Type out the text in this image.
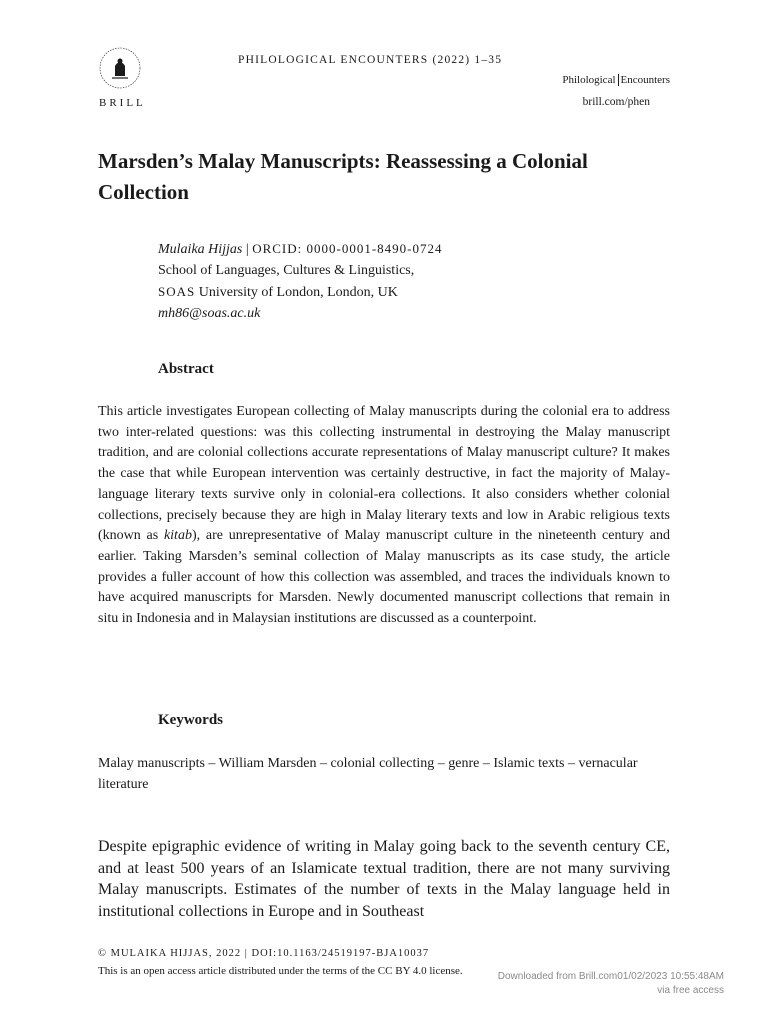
BRILL
PHILOLOGICAL ENCOUNTERS (2022) 1–35
Philological Encounters
brill.com/phen
Marsden’s Malay Manuscripts: Reassessing a Colonial Collection
Mulaika Hijjas | ORCID: 0000-0001-8490-0724
School of Languages, Cultures & Linguistics,
SOAS University of London, London, UK
mh86@soas.ac.uk
Abstract
This article investigates European collecting of Malay manuscripts during the colonial era to address two inter-related questions: was this collecting instrumental in destroying the Malay manuscript tradition, and are colonial collections accurate representations of Malay manuscript culture? It makes the case that while European intervention was certainly destructive, in fact the majority of Malay-language literary texts survive only in colonial-era collections. It also considers whether colonial collections, precisely because they are high in Malay literary texts and low in Arabic religious texts (known as kitab), are unrepresentative of Malay manuscript culture in the nineteenth century and earlier. Taking Marsden’s seminal collection of Malay manuscripts as its case study, the article provides a fuller account of how this collection was assembled, and traces the individuals known to have acquired manuscripts for Marsden. Newly documented manuscript collections that remain in situ in Indonesia and in Malaysian institutions are discussed as a counterpoint.
Keywords
Malay manuscripts – William Marsden – colonial collecting – genre – Islamic texts – vernacular literature
Despite epigraphic evidence of writing in Malay going back to the seventh century CE, and at least 500 years of an Islamicate textual tradition, there are not many surviving Malay manuscripts. Estimates of the number of texts in the Malay language held in institutional collections in Europe and in Southeast
© MULAIKA HIJJAS, 2022 | DOI:10.1163/24519197-BJA10037
This is an open access article distributed under the terms of the CC BY 4.0 license.	Downloaded from Brill.com01/02/2023 10:55:48AM
via free access
